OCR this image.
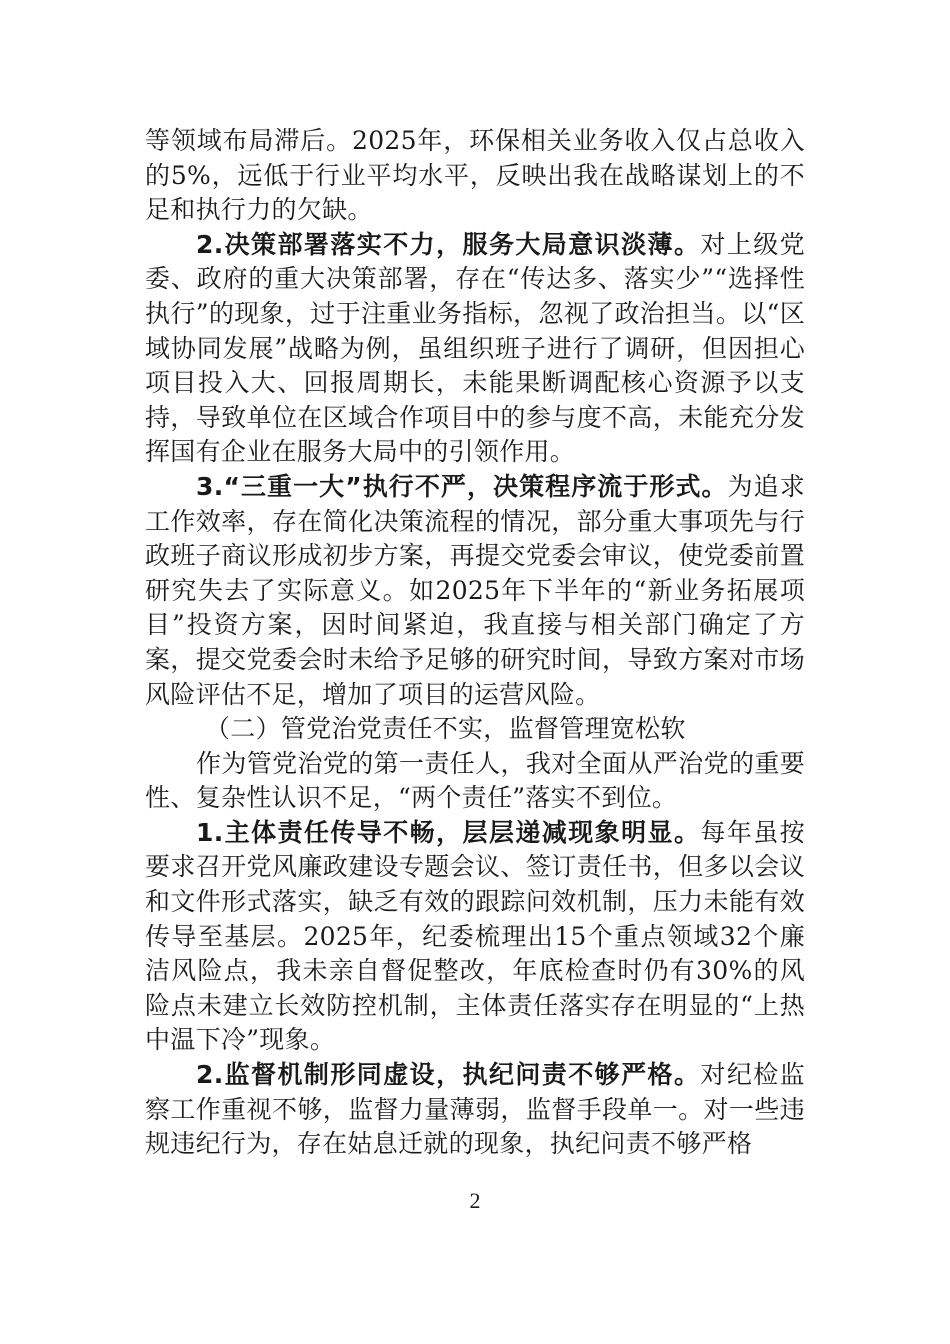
等领域布局滞后。2025年，环保相关业务收入仅占总收入的5%，远低于行业平均水平，反映出我在战略谋划上的不足和执行力的欠缺。

2.决策部署落实不力，服务大局意识淡薄。对上级党委、政府的重大决策部署，存在“传达多、落实少”“选择性执行”的现象，过于注重业务指标，忽视了政治担当。以“区域协同发展”战略为例，虽组织班子进行了调研，但因担心项目投入大、回报周期长，未能果断调配核心资源予以支持，导致单位在区域合作项目中的参与度不高，未能充分发挥国有企业在服务大局中的引领作用。

3.“三重一大”执行不严，决策程序流于形式。为追求工作效率，存在简化决策流程的情况，部分重大事项先与行政班子商议形成初步方案，再提交党委会审议，使党委前置研究失去了实际意义。如2025年下半年的“新业务拓展项目”投资方案，因时间紧迫，我直接与相关部门确定了方案，提交党委会时未给予足够的研究时间，导致方案对市场风险评估不足，增加了项目的运营风险。

（二）管党治党责任不实，监督管理宽松软

作为管党治党的第一责任人，我对全面从严治党的重要性、复杂性认识不足，“两个责任”落实不到位。

1.主体责任传导不畅，层层递减现象明显。每年虽按要求召开党风廉政建设专题会议、签订责任书，但多以会议和文件形式落实，缺乏有效的跟踪问效机制，压力未能有效传导至基层。2025年，纪委梳理出15个重点领域32个廉洁风险点，我未亲自督促整改，年底检查时仍有30%的风险点未建立长效防控机制，主体责任落实存在明显的“上热中温下冷”现象。

2.监督机制形同虚设，执纪问责不够严格。对纪检监察工作重视不够，监督力量薄弱，监督手段单一。对一些违规违纪行为，存在姑息迁就的现象，执纪问责不够严格

2
